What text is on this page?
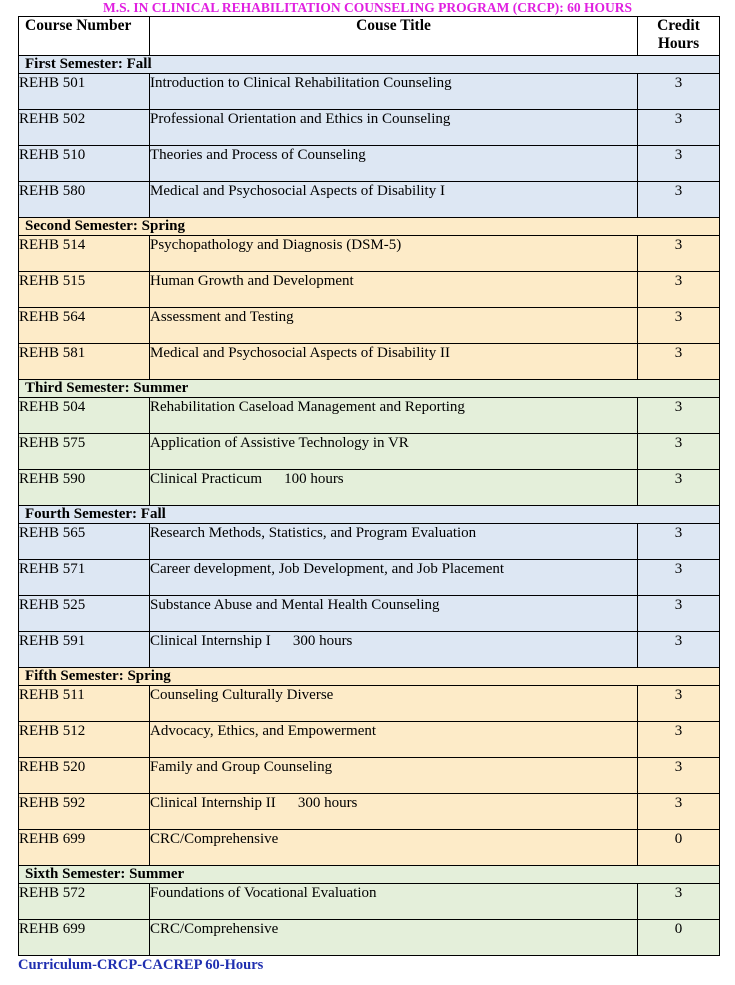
M.S. IN CLINICAL REHABILITATION COUNSELING PROGRAM (CRCP): 60 HOURS
Course Number	Couse Title	Credit Hours
First Semester: Fall		
REHB 501	Introduction to Clinical Rehabilitation Counseling	3
REHB 502	Professional Orientation and Ethics in Counseling	3
REHB 510	Theories and Process of Counseling	3
REHB 580	Medical and Psychosocial Aspects of Disability I	3
Second Semester: Spring		
REHB 514	Psychopathology and Diagnosis (DSM-5)	3
REHB 515	Human Growth and Development	3
REHB 564	Assessment and Testing	3
REHB 581	Medical and Psychosocial Aspects of Disability II	3
Third Semester: Summer		
REHB 504	Rehabilitation Caseload Management and Reporting	3
REHB 575	Application of Assistive Technology in VR	3
REHB 590	Clinical Practicum 100 hours	3
Fourth Semester: Fall		
REHB 565	Research Methods, Statistics, and Program Evaluation	3
REHB 571	Career development, Job Development, and Job Placement	3
REHB 525	Substance Abuse and Mental Health Counseling	3
REHB 591	Clinical Internship I 300 hours	3
Fifth Semester: Spring		
REHB 511	Counseling Culturally Diverse	3
REHB 512	Advocacy, Ethics, and Empowerment	3
REHB 520	Family and Group Counseling	3
REHB 592	Clinical Internship II 300 hours	3
REHB 699	CRC/Comprehensive	0
Sixth Semester: Summer		
REHB 572	Foundations of Vocational Evaluation	3
REHB 699	CRC/Comprehensive	0
Curriculum-CRCP-CACREP 60-Hours
